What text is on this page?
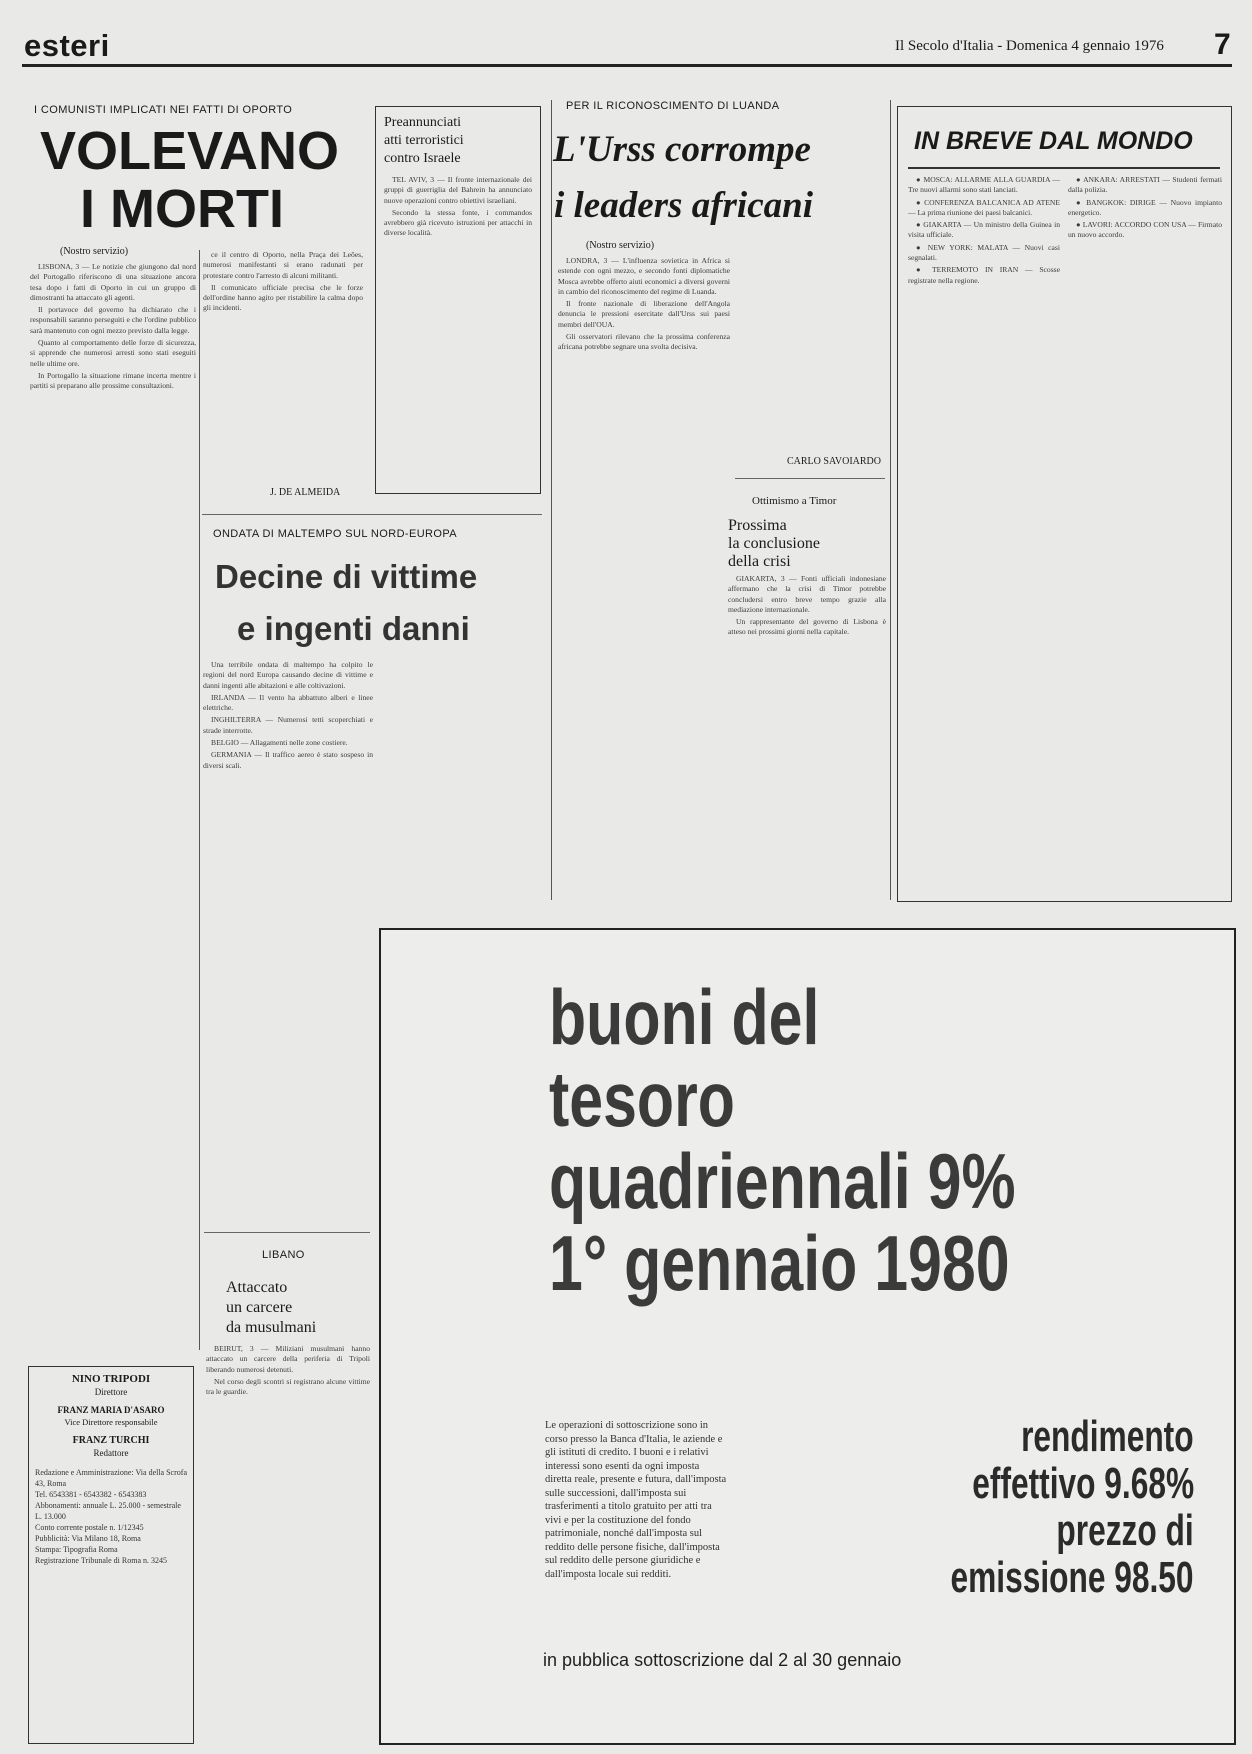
esteri	Il Secolo d'Italia - Domenica 4 gennaio 1976 7
I COMUNISTI IMPLICATI NEI FATTI DI OPORTO
VOLEVANO
I MORTI
(Nostro servizio)

LISBONA, 3 — Le notizie che giungono dal nord del Portogallo riferiscono di una situazione ancora tesa dopo i fatti di Oporto in cui un gruppo di dimostranti ha attaccato gli agenti.

Il portavoce del governo ha dichiarato che i responsabili saranno perseguiti e che l'ordine pubblico sarà mantenuto con ogni mezzo previsto dalla legge.

Quanto al comportamento delle forze di sicurezza, si apprende che numerosi arresti sono stati eseguiti nelle ultime ore.

In Portogallo la situazione rimane incerta mentre i partiti si preparano alle prossime consultazioni.

ce il centro di Oporto, nella Praça dei Leões, numerosi manifestanti si erano radunati per protestare contro l'arresto di alcuni militanti.

Il comunicato ufficiale precisa che le forze dell'ordine hanno agito per ristabilire la calma dopo gli incidenti.

J. DE ALMEIDA
Preannunciati
atti terroristici
contro Israele

TEL AVIV, 3 — Il fronte internazionale dei gruppi di guerriglia del Bahrein ha annunciato nuove operazioni contro obiettivi israeliani.

Secondo la stessa fonte, i commandos avrebbero già ricevuto istruzioni per attacchi in diverse località.

PER IL RICONOSCIMENTO DI LUANDA
L'Urss corrompe
i leaders africani
(Nostro servizio)

LONDRA, 3 — L'influenza sovietica in Africa si estende con ogni mezzo, e secondo fonti diplomatiche Mosca avrebbe offerto aiuti economici a diversi governi in cambio del riconoscimento del regime di Luanda.

Il fronte nazionale di liberazione dell'Angola denuncia le pressioni esercitate dall'Urss sui paesi membri dell'OUA.

Gli osservatori rilevano che la prossima conferenza africana potrebbe segnare una svolta decisiva.

CARLO SAVOIARDO
Ottimismo a Timor
Prossima
la conclusione
della crisi

GIAKARTA, 3 — Fonti ufficiali indonesiane affermano che la crisi di Timor potrebbe concludersi entro breve tempo grazie alla mediazione internazionale.

Un rappresentante del governo di Lisbona è atteso nei prossimi giorni nella capitale.

IN BREVE DAL MONDO

● MOSCA: ALLARME ALLA GUARDIA — Tre nuovi allarmi sono stati lanciati.

● CONFERENZA BALCANICA AD ATENE — La prima riunione dei paesi balcanici.

● GIAKARTA — Un ministro della Guinea in visita ufficiale.

● NEW YORK: MALATA — Nuovi casi segnalati.

● TERREMOTO IN IRAN — Scosse registrate nella regione.

● ANKARA: ARRESTATI — Studenti fermati dalla polizia.

● BANGKOK: DIRIGE — Nuovo impianto energetico.

● LAVORI: ACCORDO CON USA — Firmato un nuovo accordo.

ONDATA DI MALTEMPO SUL NORD-EUROPA
Decine di vittime
e ingenti danni

Una terribile ondata di maltempo ha colpito le regioni del nord Europa causando decine di vittime e danni ingenti alle abitazioni e alle coltivazioni.

IRLANDA — Il vento ha abbattuto alberi e linee elettriche.

INGHILTERRA — Numerosi tetti scoperchiati e strade interrotte.

BELGIO — Allagamenti nelle zone costiere.

GERMANIA — Il traffico aereo è stato sospeso in diversi scali.

LIBANO
Attaccato
un carcere
da musulmani

BEIRUT, 3 — Miliziani musulmani hanno attaccato un carcere della periferia di Tripoli liberando numerosi detenuti.

Nel corso degli scontri si registrano alcune vittime tra le guardie.

NINO TRIPODI
Direttore
FRANZ MARIA D'ASARO
Vice Direttore responsabile
FRANZ TURCHI
Redattore
Redazione e Amministrazione: Via della Scrofa 43, Roma
Tel. 6543381 - 6543382 - 6543383
Abbonamenti: annuale L. 25.000 - semestrale L. 13.000
Conto corrente postale n. 1/12345
Pubblicità: Via Milano 18, Roma
Stampa: Tipografia Roma
Registrazione Tribunale di Roma n. 3245
buoni del
tesoro
quadriennali 9%
1° gennaio 1980
Le operazioni di sottoscrizione sono in corso presso la Banca d'Italia, le aziende e gli istituti di credito. I buoni e i relativi interessi sono esenti da ogni imposta diretta reale, presente e futura, dall'imposta sulle successioni, dall'imposta sui trasferimenti a titolo gratuito per atti tra vivi e per la costituzione del fondo patrimoniale, nonché dall'imposta sul reddito delle persone fisiche, dall'imposta sul reddito delle persone giuridiche e dall'imposta locale sui redditi.
rendimento
effettivo 9.68%
prezzo di
emissione 98.50
in pubblica sottoscrizione dal 2 al 30 gennaio
